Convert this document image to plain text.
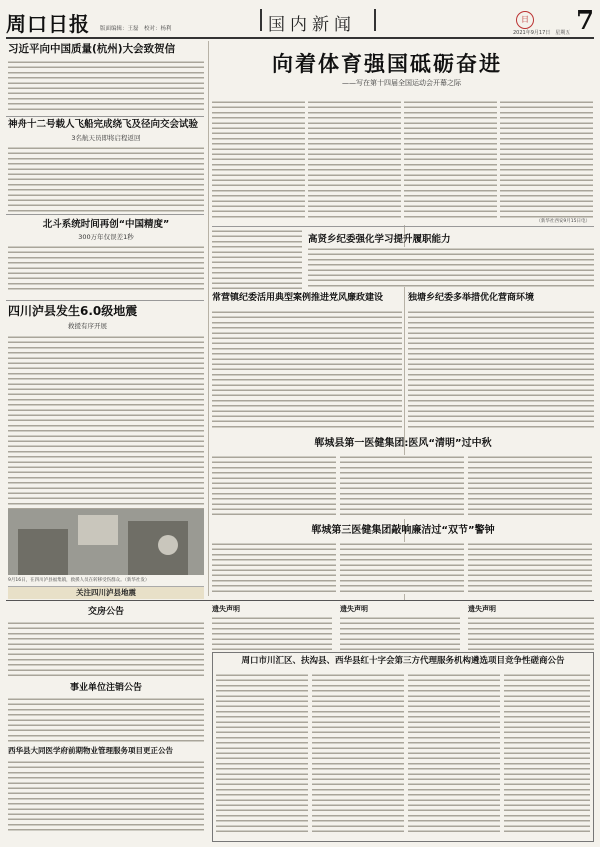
周口日报 版面编辑：王磊　校对：杨利	国内新闻	日
2021年9月17日　星期五 7
习近平向中国质量(杭州)大会致贺信
神舟十二号载人飞船完成绕飞及径向交会试验
3名航天员即将启程返回
北斗系统时间再创“中国精度”
300万年仅误差1秒
四川泸县发生6.0级地震
救援有序开展
9月16日，在四川泸县福集镇，救援人员在转移受伤群众。（新华社发）
关注四川泸县地震
向着体育强国砥砺奋进
——写在第十四届全国运动会开幕之际
（新华社西安9月15日电）
高贤乡纪委强化学习提升履职能力
常营镇纪委活用典型案例推进党风廉政建设	独塘乡纪委多举措优化营商环境
郸城县第一医健集团:医风“清明”过中秋
郸城第三医健集团敲响廉洁过“双节”警钟
交房公告
事业单位注销公告
西华县大同医学府前期物业管理服务项目更正公告
遗失声明	遗失声明	遗失声明
周口市川汇区、扶沟县、西华县红十字会第三方代理服务机构遴选项目竞争性磋商公告
